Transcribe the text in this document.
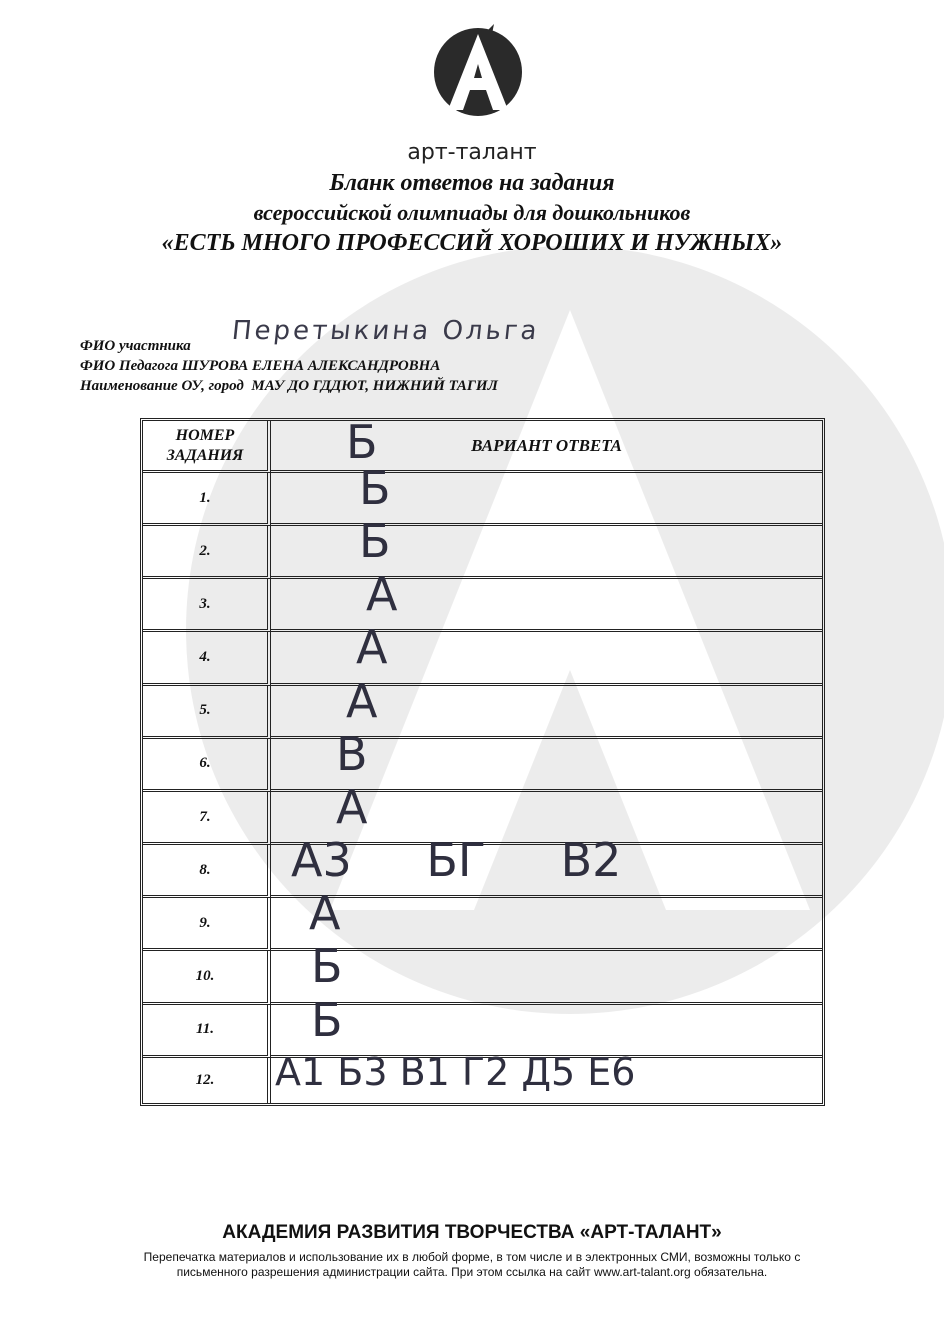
арт-талант
Бланк ответов на задания
всероссийской олимпиады для дошкольников
«ЕСТЬ МНОГО ПРОФЕССИЙ ХОРОШИХ И НУЖНЫХ»
ФИО участника Перетыкина Ольга
ФИО Педагога ШУРОВА ЕЛЕНА АЛЕКСАНДРОВНА
Наименование ОУ, город МАУ ДО ГДДЮТ, НИЖНИЙ ТАГИЛ
НОМЕР ЗАДАНИЯ	ВАРИАНТ ОТВЕТА
Б

1.	Б

2.	Б

3.	А

4.	А

5.	А

6.	В

7.	А

8.	А3 БГ В2

9.	А

10.	Б

11.	Б

12.	А1 Б3 В1 Г2 Д5 Е6
АКАДЕМИЯ РАЗВИТИЯ ТВОРЧЕСТВА «АРТ-ТАЛАНТ»
Перепечатка материалов и использование их в любой форме, в том числе и в электронных СМИ, возможны только с письменного разрешения администрации сайта. При этом ссылка на сайт www.art-talant.org обязательна.
